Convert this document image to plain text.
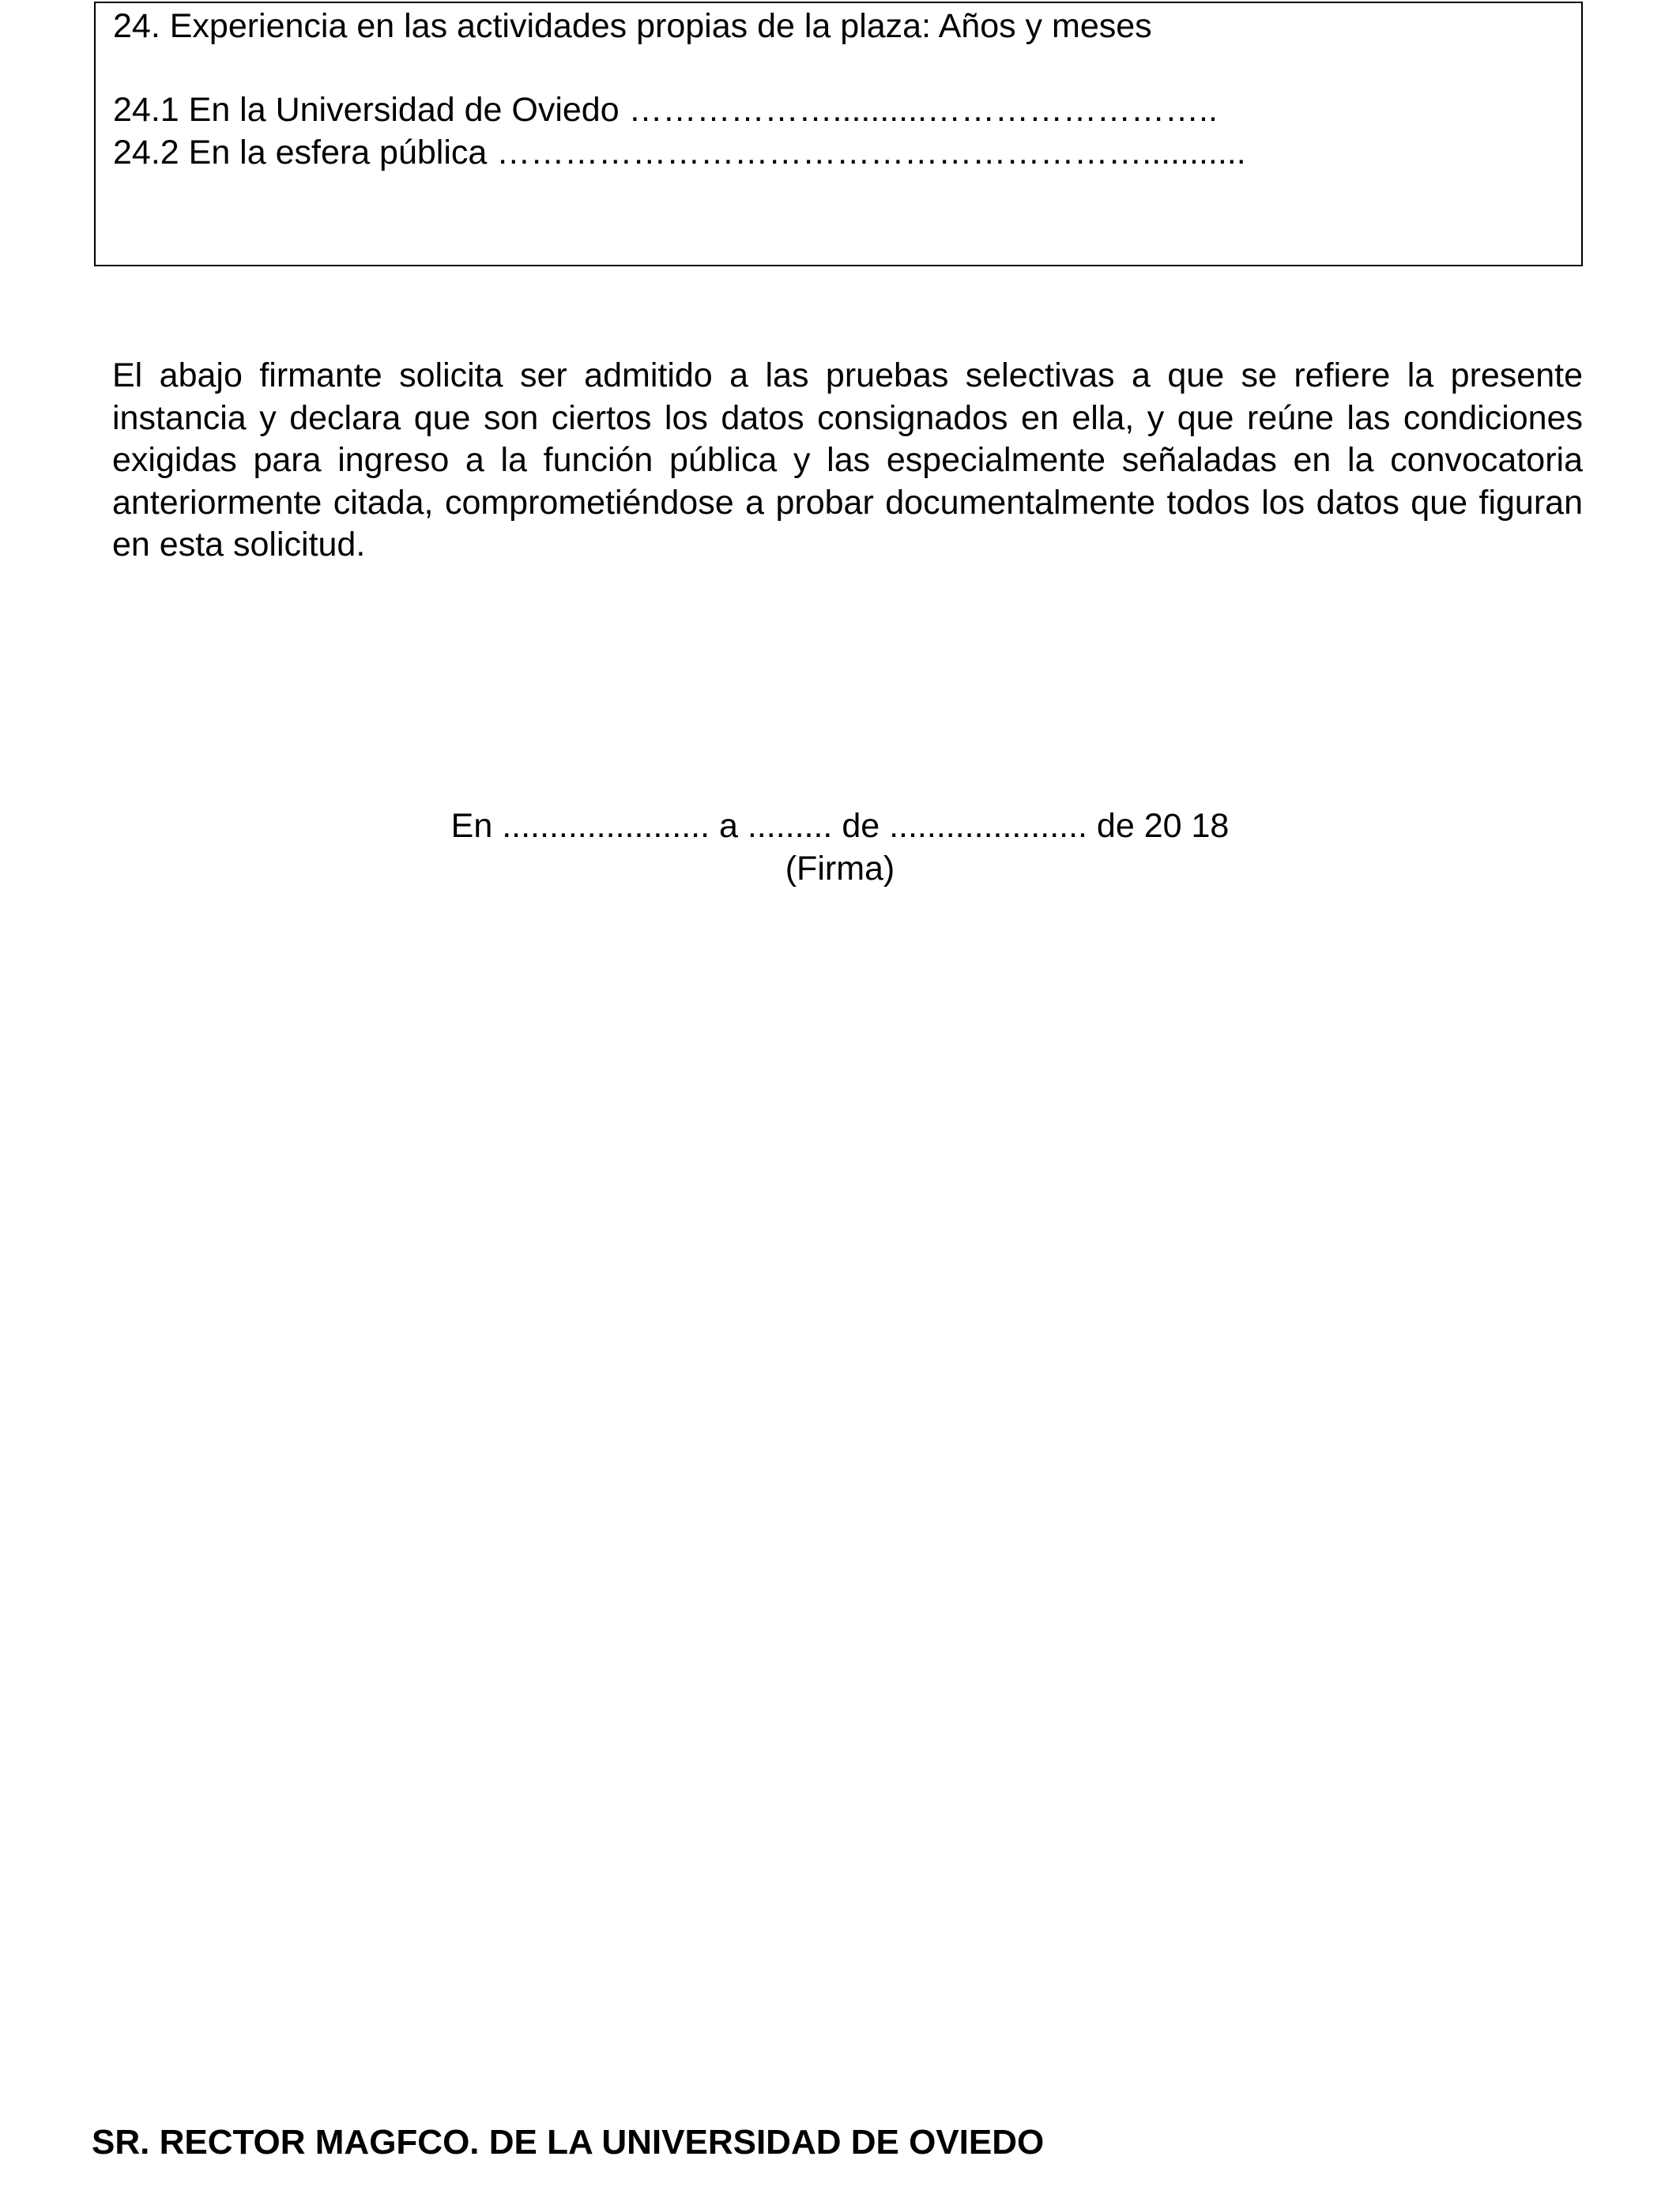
24. Experiencia en las actividades propias de la plaza: Años y meses
24.1 En la Universidad de Oviedo ………………..........……………………..
24.2 En la esfera pública …………………………………………………...........

El abajo firmante solicita ser admitido a las pruebas selectivas a que se refiere la presente instancia y declara que son ciertos los datos consignados en ella, y que reúne las condiciones exigidas para ingreso a la función pública y las especialmente señaladas en la convocatoria anteriormente citada, comprometiéndose a probar documentalmente todos los datos que figuran en esta solicitud.

En ...................... a ......... de ..................... de 20 18
(Firma)
SR. RECTOR MAGFCO. DE LA UNIVERSIDAD DE OVIEDO
